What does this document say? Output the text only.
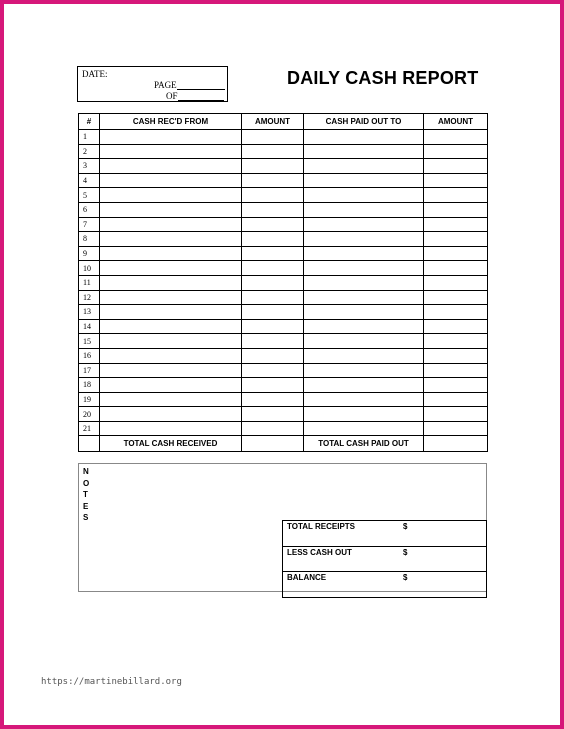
DATE:
PAGE
OF
DAILY CASH REPORT
#	CASH REC'D FROM	AMOUNT	CASH PAID OUT TO	AMOUNT
1				
2				
3				
4				
5				
6				
7				
8				
9				
10				
11				
12				
13				
14				
15				
16				
17				
18				
19				
20				
21				
	TOTAL CASH RECEIVED		TOTAL CASH PAID OUT	
N
O
T
E
S
TOTAL RECEIPTS	$
LESS CASH OUT	$
BALANCE	$
https://martinebillard.org
